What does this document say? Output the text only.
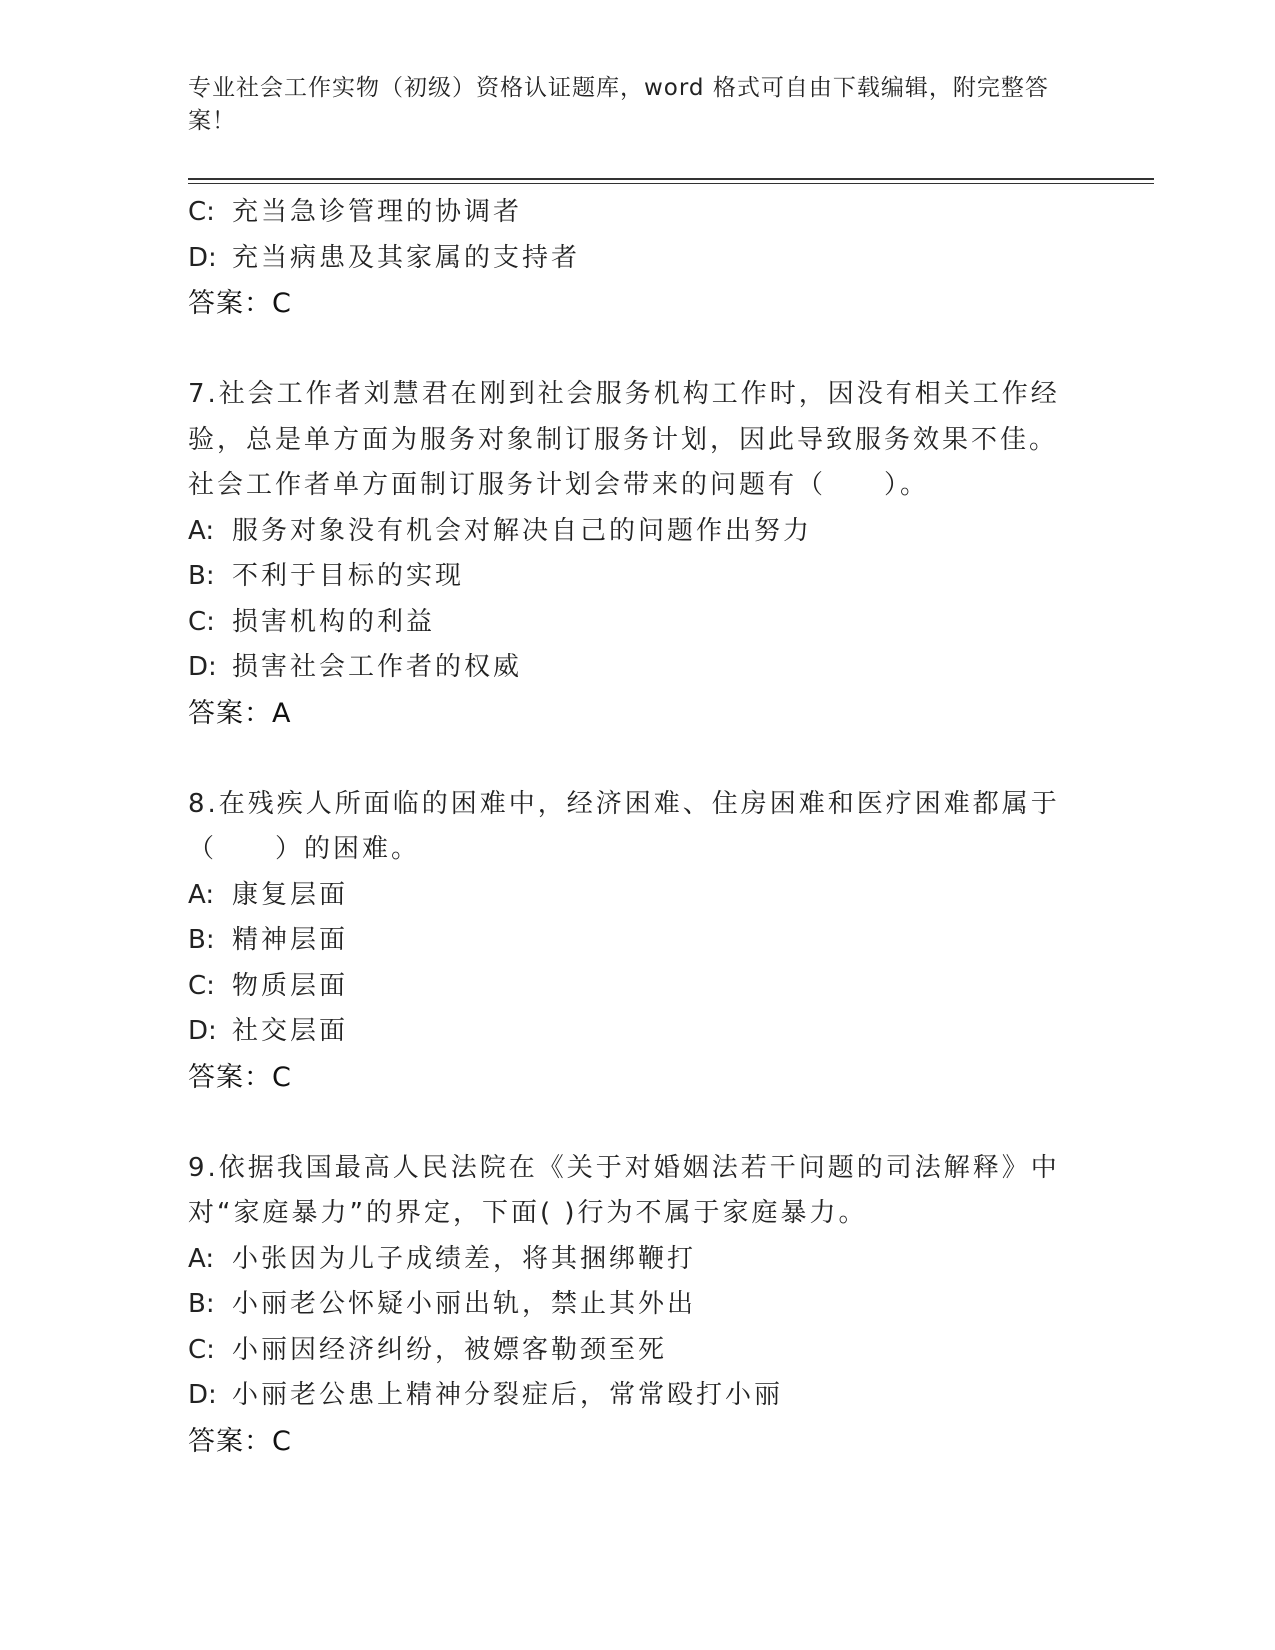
专业社会工作实物（初级）资格认证题库，word 格式可自由下载编辑，附完整答
案！
C: 充当急诊管理的协调者
D: 充当病患及其家属的支持者
答案：C
7.社会工作者刘慧君在刚到社会服务机构工作时，因没有相关工作经
验，总是单方面为服务对象制订服务计划，因此导致服务效果不佳。
社会工作者单方面制订服务计划会带来的问题有（　　）。
A: 服务对象没有机会对解决自己的问题作出努力
B: 不利于目标的实现
C: 损害机构的利益
D: 损害社会工作者的权威
答案：A
8.在残疾人所面临的困难中，经济困难、住房困难和医疗困难都属于
（　　）的困难。
A: 康复层面
B: 精神层面
C: 物质层面
D: 社交层面
答案：C
9.依据我国最高人民法院在《关于对婚姻法若干问题的司法解释》中
对“家庭暴力”的界定，下面( )行为不属于家庭暴力。
A: 小张因为儿子成绩差，将其捆绑鞭打
B: 小丽老公怀疑小丽出轨，禁止其外出
C: 小丽因经济纠纷，被嫖客勒颈至死
D: 小丽老公患上精神分裂症后，常常殴打小丽
答案：C
